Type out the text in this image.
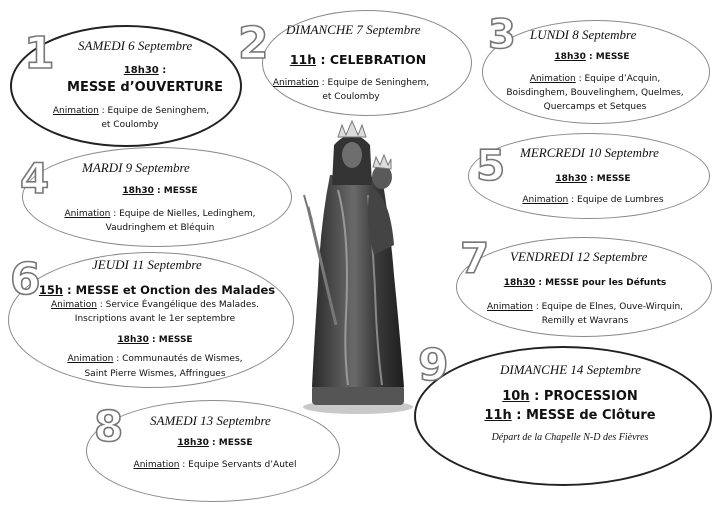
1 SAMEDI 6 Septembre
18h30 :
MESSE d’OUVERTURE
Animation : Equipe de Seninghem,
et Coulomby
2 DIMANCHE 7 Septembre
11h : CELEBRATION
Animation : Equipe de Seninghem,
et Coulomby
3 LUNDI 8 Septembre
18h30 : MESSE
Animation : Equipe d’Acquin,
Boisdinghem, Bouvelinghem, Quelmes,
Quercamps et Setques
4	MARDI 9 Septembre
18h30 : MESSE
Animation : Equipe de Nielles, Ledinghem,
Vaudringhem et Bléquin
5 MERCREDI 10 Septembre
18h30 : MESSE
Animation : Equipe de Lumbres
6	JEUDI 11 Septembre
15h : MESSE et Onction des Malades
Animation : Service Évangélique des Malades.
Inscriptions avant le 1er septembre
18h30 : MESSE
Animation : Communautés de Wismes,
Saint Pierre Wismes, Affringues
7 VENDREDI 12 Septembre
18h30 : MESSE pour les Défunts
Animation : Equipe de Elnes, Ouve-Wirquin,
Remilly et Wavrans
8 SAMEDI 13 Septembre
18h30 : MESSE
Animation : Equipe Servants d’Autel
9	DIMANCHE 14 Septembre
10h : PROCESSION
11h : MESSE de Clôture
Départ de la Chapelle N-D des Fièvres
